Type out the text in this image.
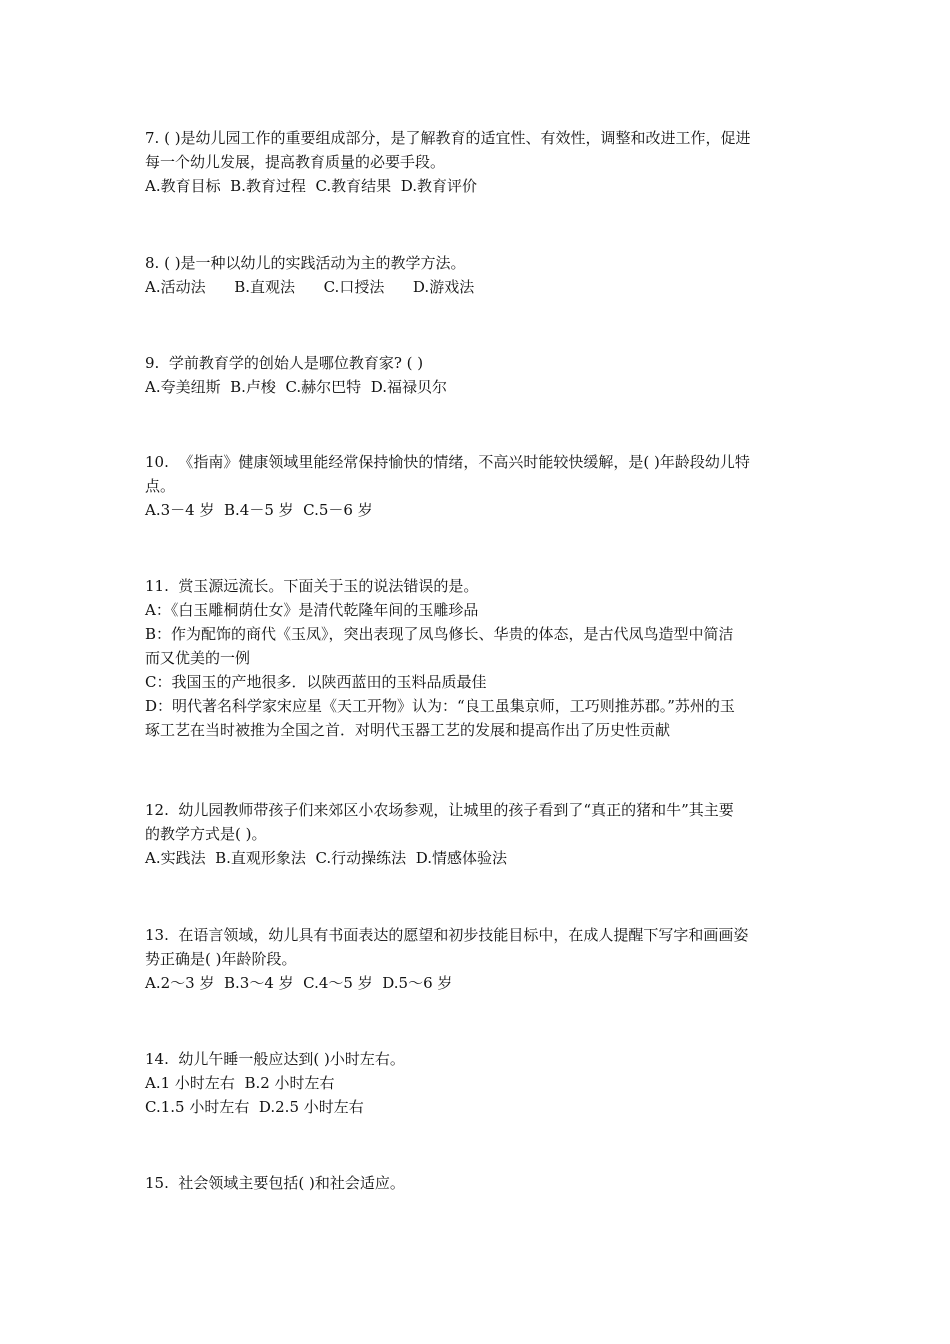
7. ( )是幼儿园工作的重要组成部分，是了解教育的适宜性、有效性，调整和改进工作，促进
每一个幼儿发展，提高教育质量的必要手段。
A.教育目标  B.教育过程  C.教育结果  D.教育评价
8. ( )是一种以幼儿的实践活动为主的教学方法。
A.活动法      B.直观法      C.口授法      D.游戏法
9.  学前教育学的创始人是哪位教育家? ( )
A.夸美纽斯  B.卢梭  C.赫尔巴特  D.福禄贝尔
10.  《指南》健康领域里能经常保持愉快的情绪，不高兴时能较快缓解，是( )年龄段幼儿特
点。
A.3－4 岁  B.4－5 岁  C.5－6 岁
11.  赏玉源远流长。下面关于玉的说法错误的是。
A：《白玉雕桐荫仕女》是清代乾隆年间的玉雕珍品
B：作为配饰的商代《玉凤》，突出表现了凤鸟修长、华贵的体态，是古代凤鸟造型中简洁
而又优美的一例
C：我国玉的产地很多．以陕西蓝田的玉料品质最佳
D：明代著名科学家宋应星《天工开物》认为：“良工虽集京师，工巧则推苏郡。”苏州的玉
琢工艺在当时被推为全国之首．对明代玉器工艺的发展和提高作出了历史性贡献
12.  幼儿园教师带孩子们来郊区小农场参观，让城里的孩子看到了“真正的猪和牛”其主要
的教学方式是( )。
A.实践法  B.直观形象法  C.行动操练法  D.情感体验法
13.  在语言领域，幼儿具有书面表达的愿望和初步技能目标中，在成人提醒下写字和画画姿
势正确是( )年龄阶段。
A.2～3 岁  B.3～4 岁  C.4～5 岁  D.5～6 岁
14.  幼儿午睡一般应达到( )小时左右。
A.1 小时左右  B.2 小时左右
C.1.5 小时左右  D.2.5 小时左右
15.  社会领域主要包括( )和社会适应。
